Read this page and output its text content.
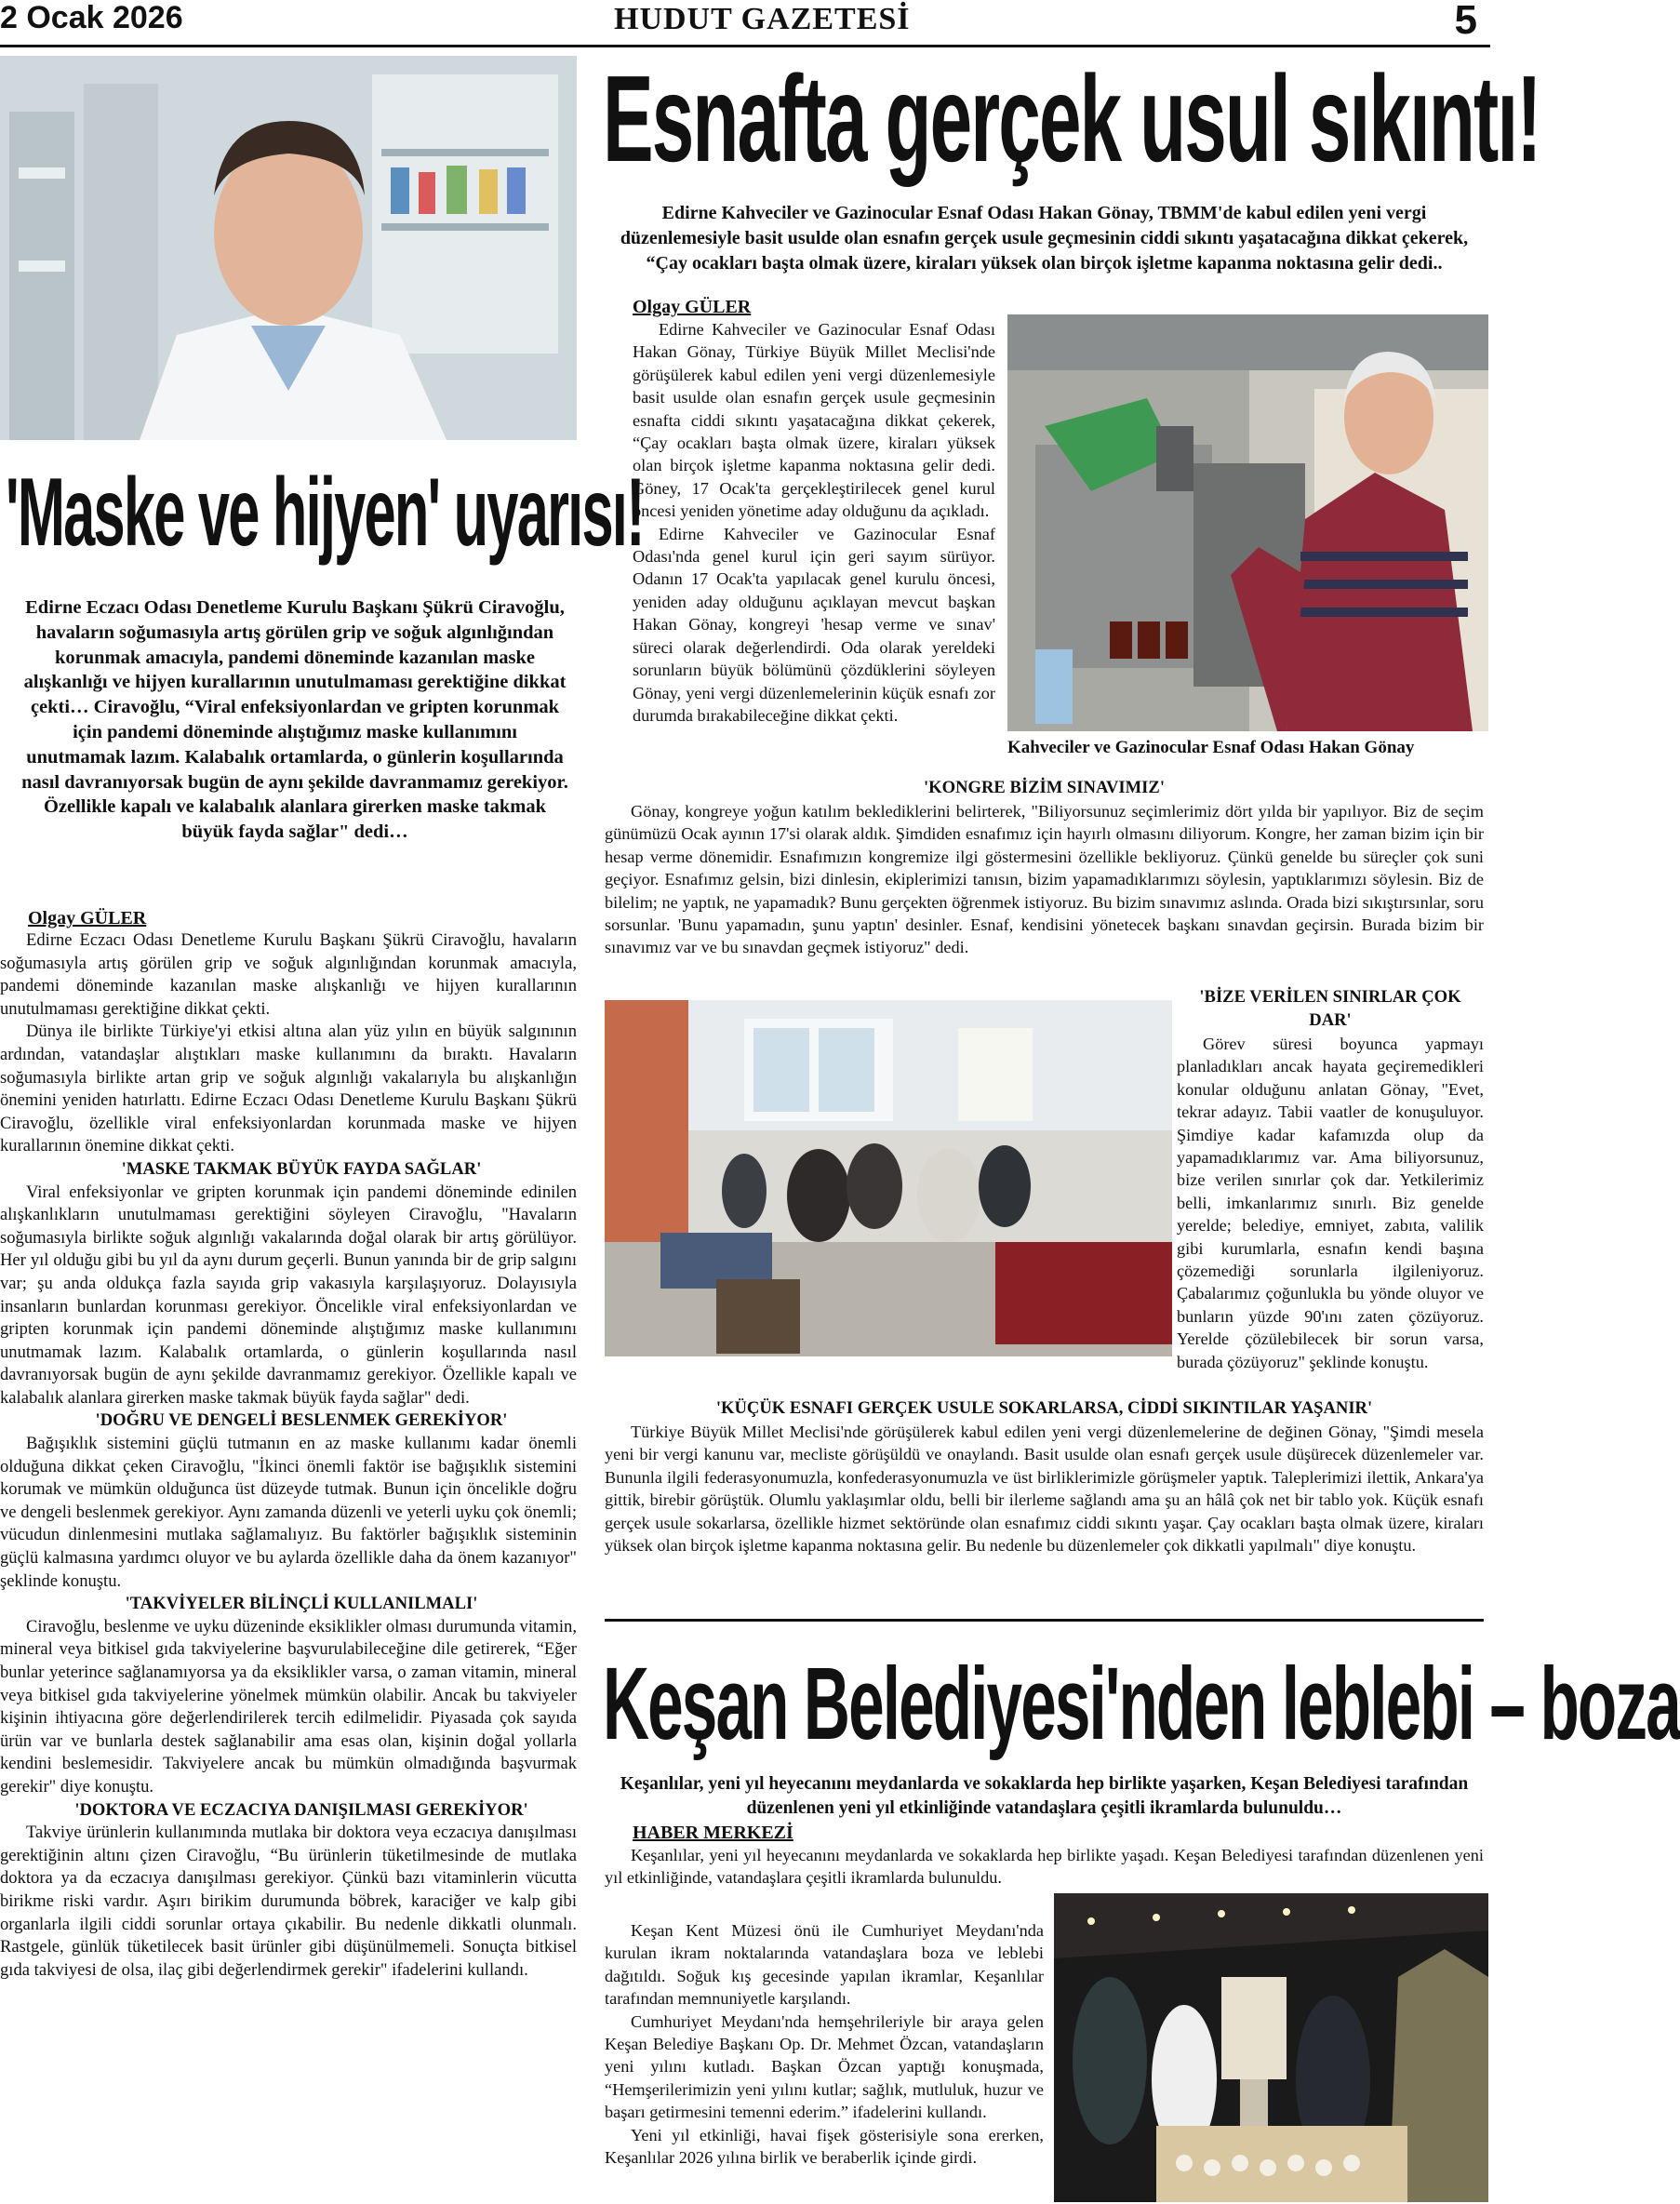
2 Ocak 2026	HUDUT GAZETESİ	5
'Maske ve hijyen' uyarısı!
Edirne Eczacı Odası Denetleme Kurulu Başkanı Şükrü Ciravoğlu, havaların soğumasıyla artış görülen grip ve soğuk algınlığından korunmak amacıyla, pandemi döneminde kazanılan maske alışkanlığı ve hijyen kurallarının unutulmaması gerektiğine dikkat çekti… Ciravoğlu, “Viral enfeksiyonlardan ve gripten korunmak için pandemi döneminde alıştığımız maske kullanımını unutmamak lazım. Kalabalık ortamlarda, o günlerin koşullarında nasıl davranıyorsak bugün de aynı şekilde davranmamız gerekiyor. Özellikle kapalı ve kalabalık alanlara girerken maske takmak büyük fayda sağlar" dedi…

Olgay GÜLER

Edirne Eczacı Odası Denetleme Kurulu Başkanı Şükrü Ciravoğlu, havaların soğumasıyla artış görülen grip ve soğuk algınlığından korunmak amacıyla, pandemi döneminde kazanılan maske alışkanlığı ve hijyen kurallarının unutulmaması gerektiğine dikkat çekti.

Dünya ile birlikte Türkiye'yi etkisi altına alan yüz yılın en büyük salgınının ardından, vatandaşlar alıştıkları maske kullanımını da bıraktı. Havaların soğumasıyla birlikte artan grip ve soğuk algınlığı vakalarıyla bu alışkanlığın önemini yeniden hatırlattı. Edirne Eczacı Odası Denetleme Kurulu Başkanı Şükrü Ciravoğlu, özellikle viral enfeksiyonlardan korunmada maske ve hijyen kurallarının önemine dikkat çekti.

'MASKE TAKMAK BÜYÜK FAYDA SAĞLAR'

Viral enfeksiyonlar ve gripten korunmak için pandemi döneminde edinilen alışkanlıkların unutulmaması gerektiğini söyleyen Ciravoğlu, "Havaların soğumasıyla birlikte soğuk algınlığı vakalarında doğal olarak bir artış görülüyor. Her yıl olduğu gibi bu yıl da aynı durum geçerli. Bunun yanında bir de grip salgını var; şu anda oldukça fazla sayıda grip vakasıyla karşılaşıyoruz. Dolayısıyla insanların bunlardan korunması gerekiyor. Öncelikle viral enfeksiyonlardan ve gripten korunmak için pandemi döneminde alıştığımız maske kullanımını unutmamak lazım. Kalabalık ortamlarda, o günlerin koşullarında nasıl davranıyorsak bugün de aynı şekilde davranmamız gerekiyor. Özellikle kapalı ve kalabalık alanlara girerken maske takmak büyük fayda sağlar" dedi.

'DOĞRU VE DENGELİ BESLENMEK GEREKİYOR'

Bağışıklık sistemini güçlü tutmanın en az maske kullanımı kadar önemli olduğuna dikkat çeken Ciravoğlu, "İkinci önemli faktör ise bağışıklık sistemini korumak ve mümkün olduğunca üst düzeyde tutmak. Bunun için öncelikle doğru ve dengeli beslenmek gerekiyor. Aynı zamanda düzenli ve yeterli uyku çok önemli; vücudun dinlenmesini mutlaka sağlamalıyız. Bu faktörler bağışıklık sisteminin güçlü kalmasına yardımcı oluyor ve bu aylarda özellikle daha da önem kazanıyor" şeklinde konuştu.

'TAKVİYELER BİLİNÇLİ KULLANILMALI'

Ciravoğlu, beslenme ve uyku düzeninde eksiklikler olması durumunda vitamin, mineral veya bitkisel gıda takviyelerine başvurulabileceğine dile getirerek, “Eğer bunlar yeterince sağlanamıyorsa ya da eksiklikler varsa, o zaman vitamin, mineral veya bitkisel gıda takviyelerine yönelmek mümkün olabilir. Ancak bu takviyeler kişinin ihtiyacına göre değerlendirilerek tercih edilmelidir. Piyasada çok sayıda ürün var ve bunlarla destek sağlanabilir ama esas olan, kişinin doğal yollarla kendini beslemesidir. Takviyelere ancak bu mümkün olmadığında başvurmak gerekir" diye konuştu.

'DOKTORA VE ECZACIYA DANIŞILMASI GEREKİYOR'

Takviye ürünlerin kullanımında mutlaka bir doktora veya eczacıya danışılması gerektiğinin altını çizen Ciravoğlu, “Bu ürünlerin tüketilmesinde de mutlaka doktora ya da eczacıya danışılması gerekiyor. Çünkü bazı vitaminlerin vücutta birikme riski vardır. Aşırı birikim durumunda böbrek, karaciğer ve kalp gibi organlarla ilgili ciddi sorunlar ortaya çıkabilir. Bu nedenle dikkatli olunmalı. Rastgele, günlük tüketilecek basit ürünler gibi düşünülmemeli. Sonuçta bitkisel gıda takviyesi de olsa, ilaç gibi değerlendirmek gerekir" ifadelerini kullandı.

Esnafta gerçek usul sıkıntı!
Edirne Kahveciler ve Gazinocular Esnaf Odası Hakan Gönay, TBMM'de kabul edilen yeni vergi düzenlemesiyle basit usulde olan esnafın gerçek usule geçmesinin ciddi sıkıntı yaşatacağına dikkat çekerek, “Çay ocakları başta olmak üzere, kiraları yüksek olan birçok işletme kapanma noktasına gelir dedi..

Olgay GÜLER

Edirne Kahveciler ve Gazinocular Esnaf Odası Hakan Gönay, Türkiye Büyük Millet Meclisi'nde görüşülerek kabul edilen yeni vergi düzenlemesiyle basit usulde olan esnafın gerçek usule geçmesinin esnafta ciddi sıkıntı yaşatacağına dikkat çekerek, “Çay ocakları başta olmak üzere, kiraları yüksek olan birçok işletme kapanma noktasına gelir dedi. Göney, 17 Ocak'ta gerçekleştirilecek genel kurul öncesi yeniden yönetime aday olduğunu da açıkladı.

Edirne Kahveciler ve Gazinocular Esnaf Odası'nda genel kurul için geri sayım sürüyor. Odanın 17 Ocak'ta yapılacak genel kurulu öncesi, yeniden aday olduğunu açıklayan mevcut başkan Hakan Gönay, kongreyi 'hesap verme ve sınav' süreci olarak değerlendirdi. Oda olarak yereldeki sorunların büyük bölümünü çözdüklerini söyleyen Gönay, yeni vergi düzenlemelerinin küçük esnafı zor durumda bırakabileceğine dikkat çekti.

Kahveciler ve Gazinocular Esnaf Odası Hakan Gönay
'KONGRE BİZİM SINAVIMIZ'

Gönay, kongreye yoğun katılım beklediklerini belirterek, "Biliyorsunuz seçimlerimiz dört yılda bir yapılıyor. Biz de seçim günümüzü Ocak ayının 17'si olarak aldık. Şimdiden esnafımız için hayırlı olmasını diliyorum. Kongre, her zaman bizim için bir hesap verme dönemidir. Esnafımızın kongremize ilgi göstermesini özellikle bekliyoruz. Çünkü genelde bu süreçler çok suni geçiyor. Esnafımız gelsin, bizi dinlesin, ekiplerimizi tanısın, bizim yapamadıklarımızı söylesin, yaptıklarımızı söylesin. Biz de bilelim; ne yaptık, ne yapamadık? Bunu gerçekten öğrenmek istiyoruz. Bu bizim sınavımız aslında. Orada bizi sıkıştırsınlar, soru sorsunlar. 'Bunu yapamadın, şunu yaptın' desinler. Esnaf, kendisini yönetecek başkanı sınavdan geçirsin. Burada bizim bir sınavımız var ve bu sınavdan geçmek istiyoruz" dedi.

'BİZE VERİLEN SINIRLAR ÇOK DAR'

Görev süresi boyunca yapmayı planladıkları ancak hayata geçiremedikleri konular olduğunu anlatan Gönay, "Evet, tekrar adayız. Tabii vaatler de konuşuluyor. Şimdiye kadar kafamızda olup da yapamadıklarımız var. Ama biliyorsunuz, bize verilen sınırlar çok dar. Yetkilerimiz belli, imkanlarımız sınırlı. Biz genelde yerelde; belediye, emniyet, zabıta, valilik gibi kurumlarla, esnafın kendi başına çözemediği sorunlarla ilgileniyoruz. Çabalarımız çoğunlukla bu yönde oluyor ve bunların yüzde 90'ını zaten çözüyoruz. Yerelde çözülebilecek bir sorun varsa, burada çözüyoruz" şeklinde konuştu.

'KÜÇÜK ESNAFI GERÇEK USULE SOKARLARSA, CİDDİ SIKINTILAR YAŞANIR'

Türkiye Büyük Millet Meclisi'nde görüşülerek kabul edilen yeni vergi düzenlemelerine de değinen Gönay, "Şimdi mesela yeni bir vergi kanunu var, mecliste görüşüldü ve onaylandı. Basit usulde olan esnafı gerçek usule düşürecek düzenlemeler var. Bununla ilgili federasyonumuzla, konfederasyonumuzla ve üst birliklerimizle görüşmeler yaptık. Taleplerimizi ilettik, Ankara'ya gittik, birebir görüştük. Olumlu yaklaşımlar oldu, belli bir ilerleme sağlandı ama şu an hâlâ çok net bir tablo yok. Küçük esnafı gerçek usule sokarlarsa, özellikle hizmet sektöründe olan esnafımız ciddi sıkıntı yaşar. Çay ocakları başta olmak üzere, kiraları yüksek olan birçok işletme kapanma noktasına gelir. Bu nedenle bu düzenlemeler çok dikkatli yapılmalı" diye konuştu.

Keşan Belediyesi'nden leblebi – boza
Keşanlılar, yeni yıl heyecanını meydanlarda ve sokaklarda hep birlikte yaşarken, Keşan Belediyesi tarafından düzenlenen yeni yıl etkinliğinde vatandaşlara çeşitli ikramlarda bulunuldu…

HABER MERKEZİ

Keşanlılar, yeni yıl heyecanını meydanlarda ve sokaklarda hep birlikte yaşadı. Keşan Belediyesi tarafından düzenlenen yeni yıl etkinliğinde, vatandaşlara çeşitli ikramlarda bulunuldu.

Keşan Kent Müzesi önü ile Cumhuriyet Meydanı'nda kurulan ikram noktalarında vatandaşlara boza ve leblebi dağıtıldı. Soğuk kış gecesinde yapılan ikramlar, Keşanlılar tarafından memnuniyetle karşılandı.

Cumhuriyet Meydanı'nda hemşehrileriyle bir araya gelen Keşan Belediye Başkanı Op. Dr. Mehmet Özcan, vatandaşların yeni yılını kutladı. Başkan Özcan yaptığı konuşmada, “Hemşerilerimizin yeni yılını kutlar; sağlık, mutluluk, huzur ve başarı getirmesini temenni ederim.” ifadelerini kullandı.

Yeni yıl etkinliği, havai fişek gösterisiyle sona ererken, Keşanlılar 2026 yılına birlik ve beraberlik içinde girdi.
